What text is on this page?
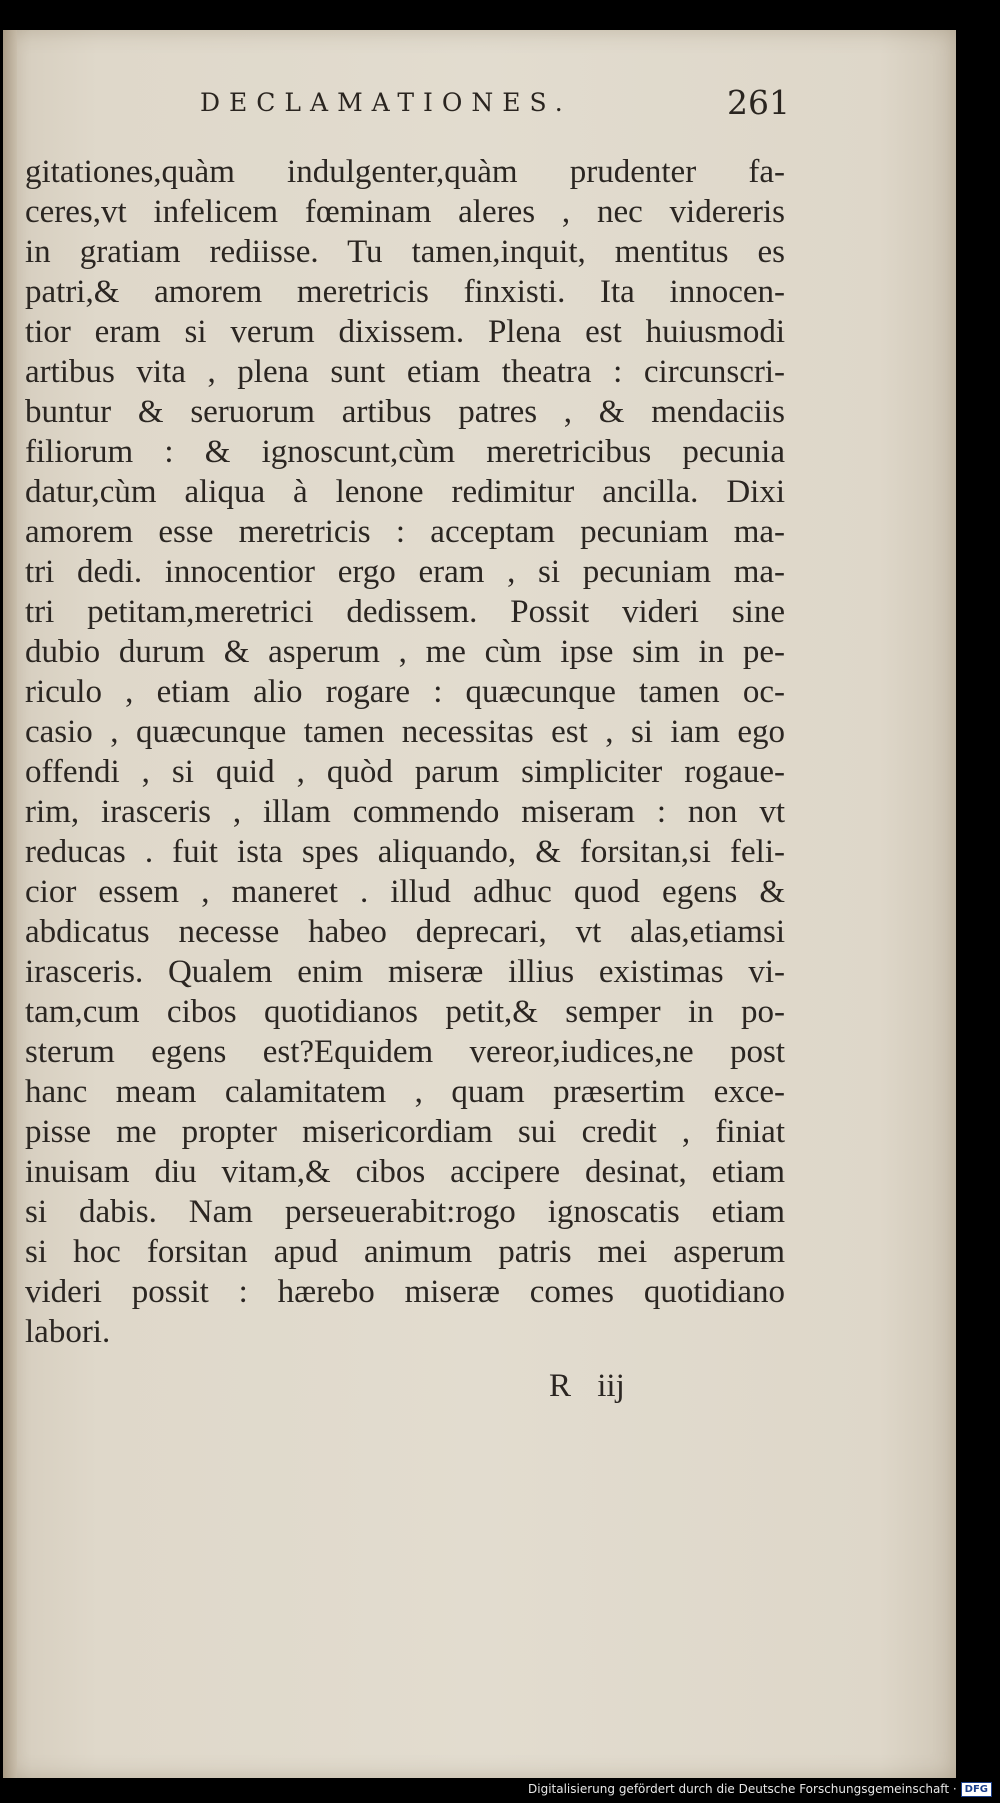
DECLAMATIONES.	261
gitationes,quàm indulgenter,quàm prudenter fa-
ceres,vt infelicem fœminam aleres , nec videreris
in gratiam rediisse. Tu tamen,inquit, mentitus es
patri,& amorem meretricis finxisti. Ita innocen-
tior eram si verum dixissem. Plena est huiusmodi
artibus vita , plena sunt etiam theatra : circunscri-
buntur & seruorum artibus patres , & mendaciis
filiorum : & ignoscunt,cùm meretricibus pecunia
datur,cùm aliqua à lenone redimitur ancilla. Dixi
amorem esse meretricis : acceptam pecuniam ma-
tri dedi. innocentior ergo eram , si pecuniam ma-
tri petitam,meretrici dedissem. Possit videri sine
dubio durum & asperum , me cùm ipse sim in pe-
riculo , etiam alio rogare : quæcunque tamen oc-
casio , quæcunque tamen necessitas est , si iam ego
offendi , si quid , quòd parum simpliciter rogaue-
rim, irasceris , illam commendo miseram : non vt
reducas . fuit ista spes aliquando, & forsitan,si feli-
cior essem , maneret . illud adhuc quod egens &
abdicatus necesse habeo deprecari, vt alas,etiamsi
irasceris. Qualem enim miseræ illius existimas vi-
tam,cum cibos quotidianos petit,& semper in po-
sterum egens est?Equidem vereor,iudices,ne post
hanc meam calamitatem , quam præsertim exce-
pisse me propter misericordiam sui credit , finiat
inuisam diu vitam,& cibos accipere desinat, etiam
si dabis. Nam perseuerabit:rogo ignoscatis etiam
si hoc forsitan apud animum patris mei asperum
videri possit : hærebo miseræ comes quotidiano
labori.
R iij
Digitalisierung gefördert durch die Deutsche Forschungsgemeinschaft · DFG
